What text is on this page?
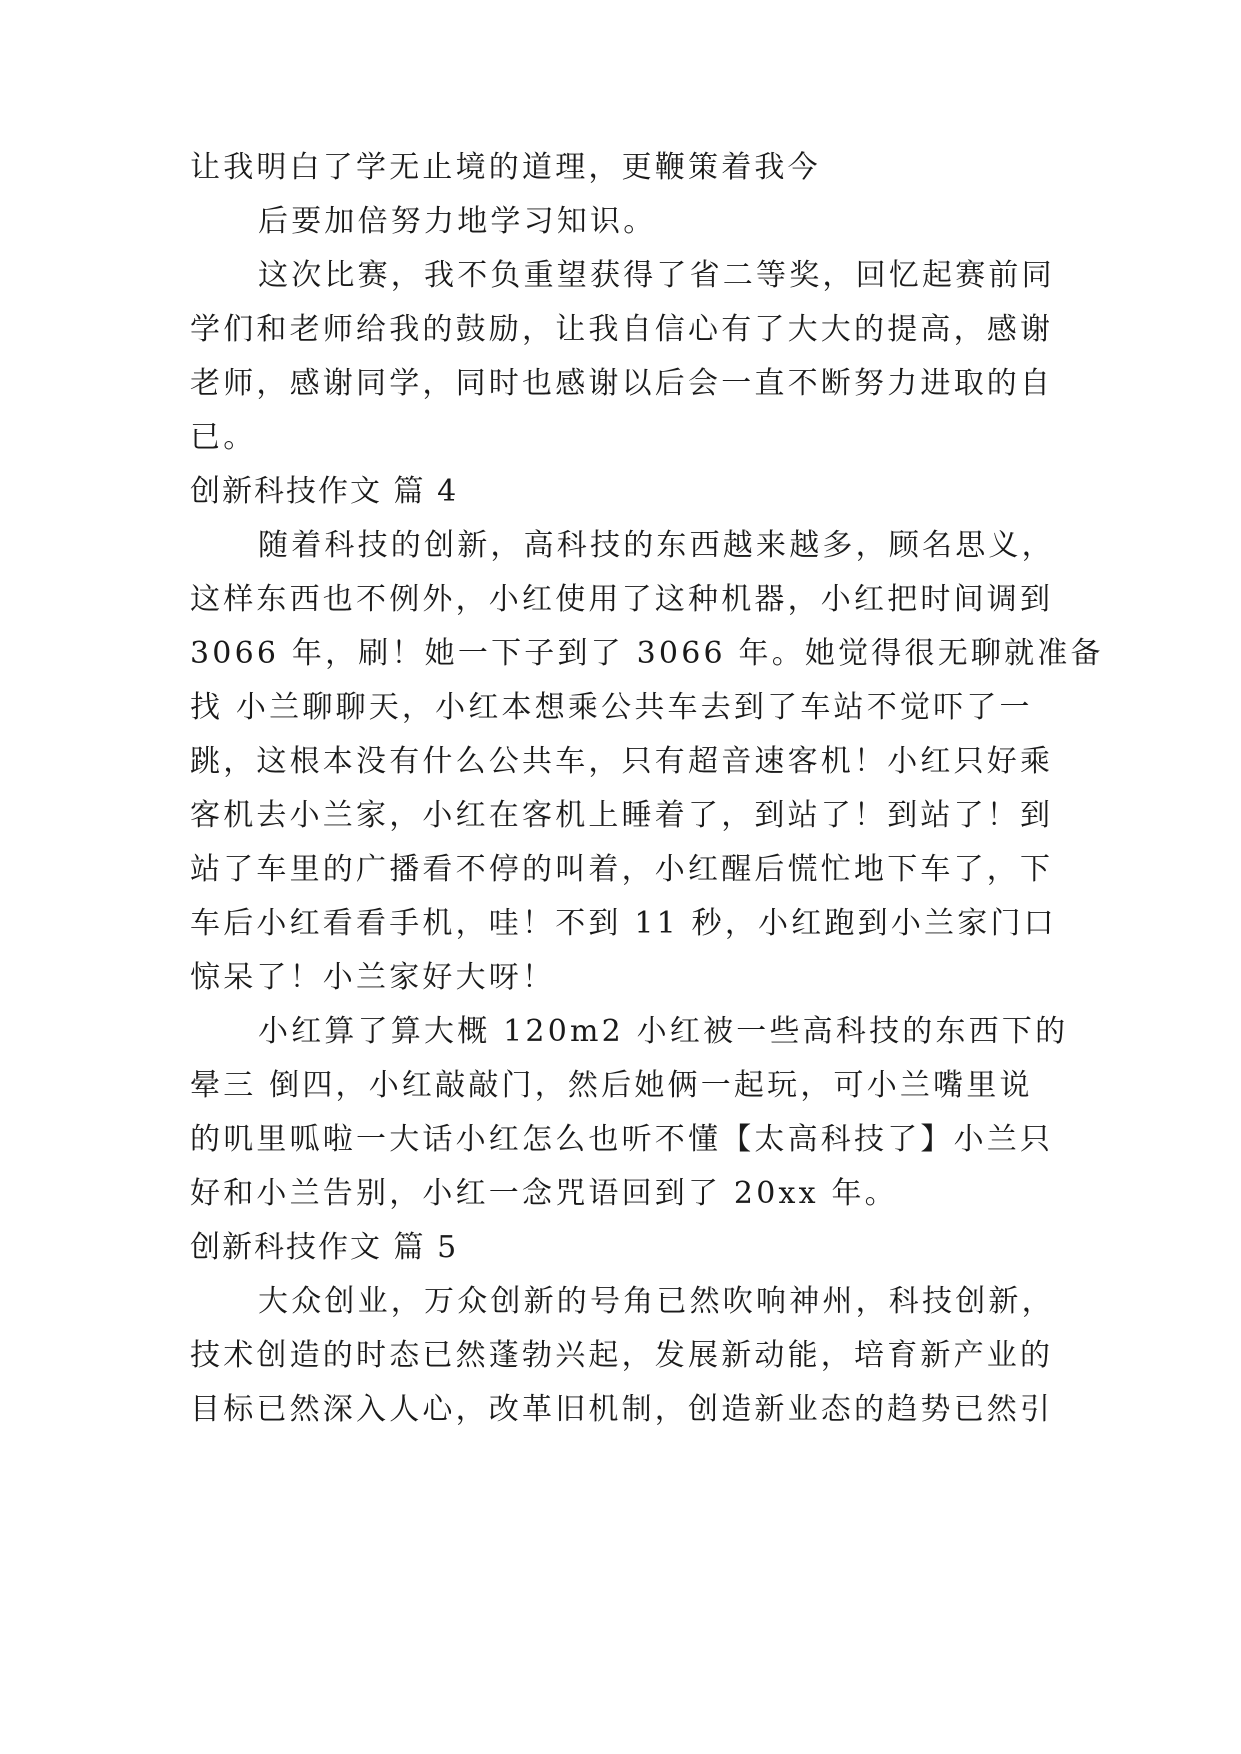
让我明白了学无止境的道理，更鞭策着我今
后要加倍努力地学习知识。
这次比赛，我不负重望获得了省二等奖，回忆起赛前同
学们和老师给我的鼓励，让我自信心有了大大的提高，感谢
老师，感谢同学，同时也感谢以后会一直不断努力进取的自
已。
创新科技作文 篇 4
随着科技的创新，高科技的东西越来越多，顾名思义，
这样东西也不例外，小红使用了这种机器，小红把时间调到
3066 年，刷！她一下子到了 3066 年。她觉得很无聊就准备
找 小兰聊聊天，小红本想乘公共车去到了车站不觉吓了一
跳，这根本没有什么公共车，只有超音速客机！小红只好乘
客机去小兰家，小红在客机上睡着了，到站了！到站了！到
站了车里的广播看不停的叫着，小红醒后慌忙地下车了，下
车后小红看看手机，哇！不到 11 秒，小红跑到小兰家门口
惊呆了！小兰家好大呀！
小红算了算大概 120m2 小红被一些高科技的东西下的
晕三 倒四，小红敲敲门，然后她俩一起玩，可小兰嘴里说
的叽里呱啦一大话小红怎么也听不懂【太高科技了】小兰只
好和小兰告别，小红一念咒语回到了 20xx 年。
创新科技作文 篇 5
大众创业，万众创新的号角已然吹响神州，科技创新，
技术创造的时态已然蓬勃兴起，发展新动能，培育新产业的
目标已然深入人心，改革旧机制，创造新业态的趋势已然引
